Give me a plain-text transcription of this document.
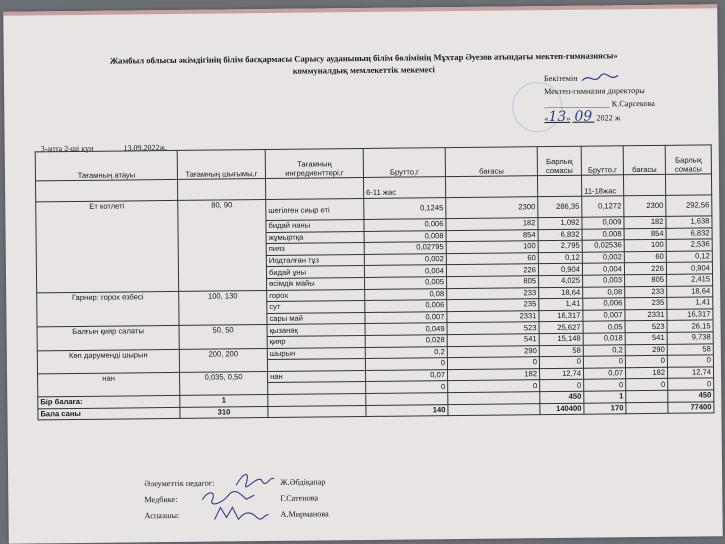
Жамбыл облысы әкімдігінің білім басқармасы Сарысу ауданының білім бөлімінің Мұхтар Әуезов атындағы мектеп-гимназиясы»
коммуналдық мемлекеттік мекемесі
Бекітемін
Мектеп-гимназия директоры
________________ К.Сарсекова
«13» 09 2022 ж
3-апта 2-ші күн	13.09.2022ж.
Тағамның атауы	Тағамның шығымы,г	Тағамның ингредиенттері,г	Брутто,г	бағасы	Барлық сомасы	Брутто,г	бағасы	Барлық сомасы
			6-11 жас			11-18жас		
Ет котлеті	80, 90	шегілген сиыр еті	0,1245	2300	286,35	0,1272	2300	292,56
		бидай наны	0,006	182	1,092	0,009	182	1,638
		жұмыртқа	0,008	854	6,832	0,008	854	6,832
		пияз	0,02795	100	2,795	0,02536	100	2,536
		Иодталған тұз	0,002	60	0,12	0,002	60	0,12
		бидай ұны	0,004	226	0,904	0,004	226	0,904
		өсімдік майы	0,005	805	4,025	0,003	805	2,415
Гарнир: горох езбесі	100, 130	горох	0,08	233	18,64	0,08	233	18,64
		сут	0,006	235	1,41	0,006	235	1,41
		сары май	0,007	2331	16,317	0,007	2331	16,317
Балғын қияр салаты	50, 50	қызанақ	0,049	523	25,627	0,05	523	26,15
		қияр	0,028	541	15,148	0,018	541	9,738
Көп дәрумeнді шырын	200, 200	шырын	0,2	290	58	0,2	290	58
			0	0	0	0	0	0
нан	0,035, 0,50	нан	0,07	182	12,74	0,07	182	12,74
			0	0	0	0	0	0
Бір балаға:	1				450	1		450
Бала саны	310		140		140400	170		77400
Әлеуметтік педагог:	Ж.Әбдіқапар
Медбике:	Г.Сатенова
Аспазшы:	А.Мирманова
